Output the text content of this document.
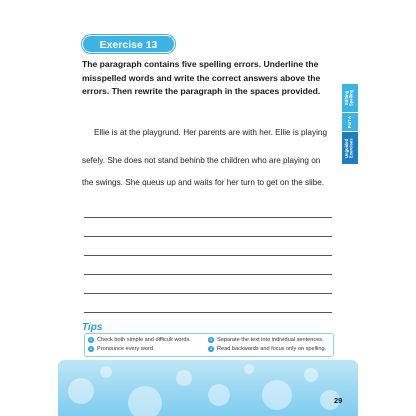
Exercise 13
The paragraph contains five spelling errors. Underline the misspelled words and write the correct answers above the errors. Then rewrite the paragraph in the spaces provided.
Ellie is at the playgrund. Her parents are with her. Ellie is playing
sefely. She does not stand behinb the children who are playing on
the swings. She queus up and waits for her turn to get on the slibe.
Editing Spelling
Part A
Unguided Exercises
Tips
1 Check both simple and difficult words.	3 Separate the text into individual sentences.
2 Pronounce every word.	4 Read backwards and focus only on spelling.
29
